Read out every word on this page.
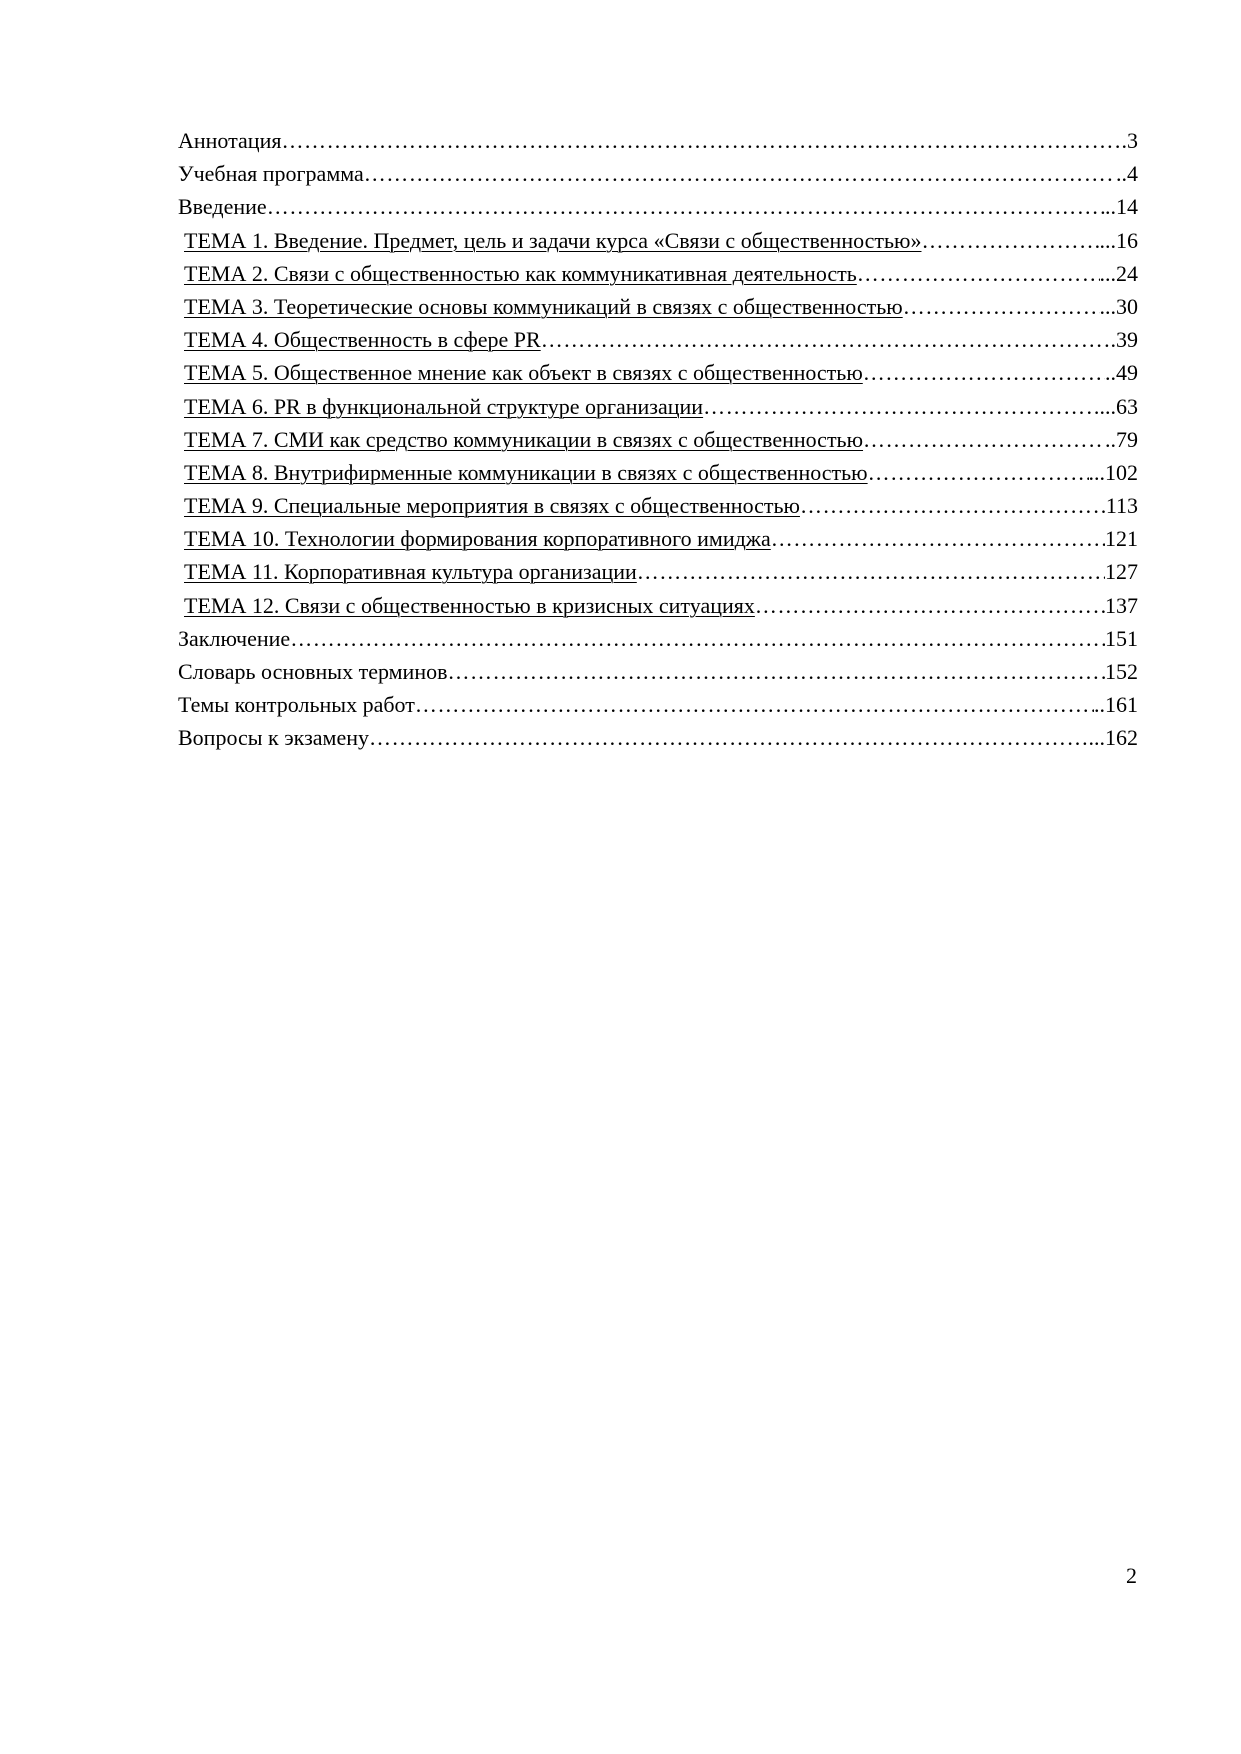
Аннотация ………………………………………………………………………………………………………………………………………………………………………………………………	.3
Учебная программа ………………………………………………………………………………………………………………………………………………………………………………………………	..4
Введение ………………………………………………………………………………………………………………………………………………………………………………………………	..14
ТЕМА 1. Введение. Предмет, цель и задачи курса «Связи с общественностью» ………………………………………………………………………………………………………………………………………………………………………………………………	...16
ТЕМА 2. Связи с общественностью как коммуникативная деятельность ………………………………………………………………………………………………………………………………………………………………………………………………	...24
ТЕМА 3. Теоретические основы коммуникаций в связях с общественностью ………………………………………………………………………………………………………………………………………………………………………………………………	...30
ТЕМА 4. Общественность в сфере PR ………………………………………………………………………………………………………………………………………………………………………………………………	.39
ТЕМА 5. Общественное мнение как объект в связях с общественностью ………………………………………………………………………………………………………………………………………………………………………………………………	..49
ТЕМА 6. PR в функциональной структуре организации ………………………………………………………………………………………………………………………………………………………………………………………………	...63
ТЕМА 7. СМИ как средство коммуникации в связях с общественностью ………………………………………………………………………………………………………………………………………………………………………………………………	..79
ТЕМА 8. Внутрифирменные коммуникации в связях с общественностью ………………………………………………………………………………………………………………………………………………………………………………………………	...102
ТЕМА 9. Специальные мероприятия в связях с общественностью ………………………………………………………………………………………………………………………………………………………………………………………………	113
ТЕМА 10. Технологии формирования корпоративного имиджа ………………………………………………………………………………………………………………………………………………………………………………………………	121
ТЕМА 11. Корпоративная культура организации ………………………………………………………………………………………………………………………………………………………………………………………………	127
ТЕМА 12. Связи с общественностью в кризисных ситуациях ………………………………………………………………………………………………………………………………………………………………………………………………	137
Заключение ………………………………………………………………………………………………………………………………………………………………………………………………	151
Словарь основных терминов ………………………………………………………………………………………………………………………………………………………………………………………………	152
Темы контрольных работ ………………………………………………………………………………………………………………………………………………………………………………………………	..161
Вопросы к экзамену ………………………………………………………………………………………………………………………………………………………………………………………………	...162
2
